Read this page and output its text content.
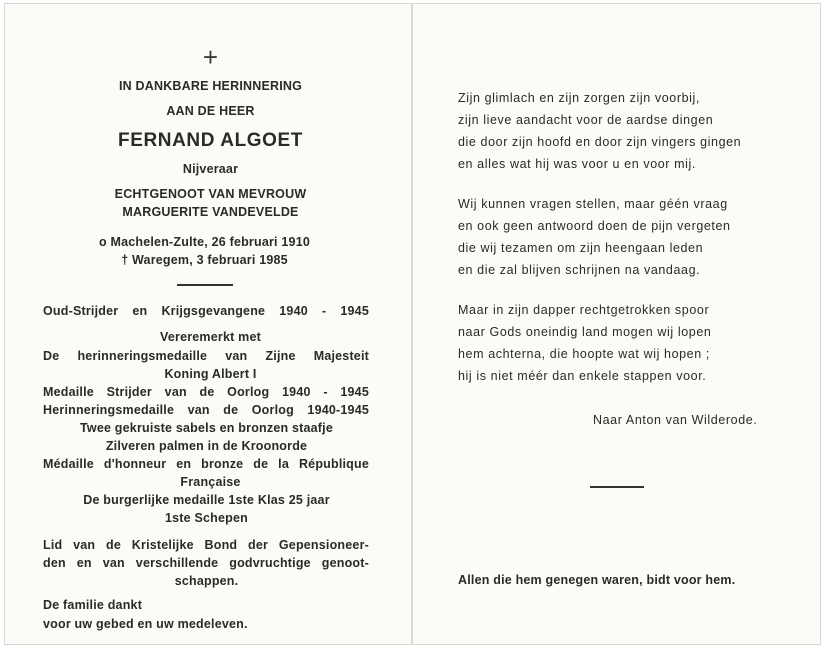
+
IN DANKBARE HERINNERING
AAN DE HEER
FERNAND ALGOET
Nijveraar
ECHTGENOOT VAN MEVROUW
MARGUERITE VANDEVELDE
o Machelen-Zulte, 26 februari 1910
† Waregem, 3 februari 1985
Oud-Strijder en Krijgsgevangene 1940 - 1945
Vereremerkt met
De herinneringsmedaille van Zijne Majesteit
Koning Albert I
Medaille Strijder van de Oorlog 1940 - 1945
Herinneringsmedaille van de Oorlog 1940-1945
Twee gekruiste sabels en bronzen staafje
Zilveren palmen in de Kroonorde
Médaille d'honneur en bronze de la République
Française
De burgerlijke medaille 1ste Klas 25 jaar
1ste Schepen
Lid van de Kristelijke Bond der Gepensioneer-
den en van verschillende godvruchtige genoot-
schappen.
De familie dankt
voor uw gebed en uw medeleven.
Zijn glimlach en zijn zorgen zijn voorbij,
zijn lieve aandacht voor de aardse dingen
die door zijn hoofd en door zijn vingers gingen
en alles wat hij was voor u en voor mij.
Wij kunnen vragen stellen, maar géén vraag
en ook geen antwoord doen de pijn vergeten
die wij tezamen om zijn heengaan leden
en die zal blijven schrijnen na vandaag.
Maar in zijn dapper rechtgetrokken spoor
naar Gods oneindig land mogen wij lopen
hem achterna, die hoopte wat wij hopen ;
hij is niet méér dan enkele stappen voor.
Naar Anton van Wilderode.
Allen die hem genegen waren, bidt voor hem.
